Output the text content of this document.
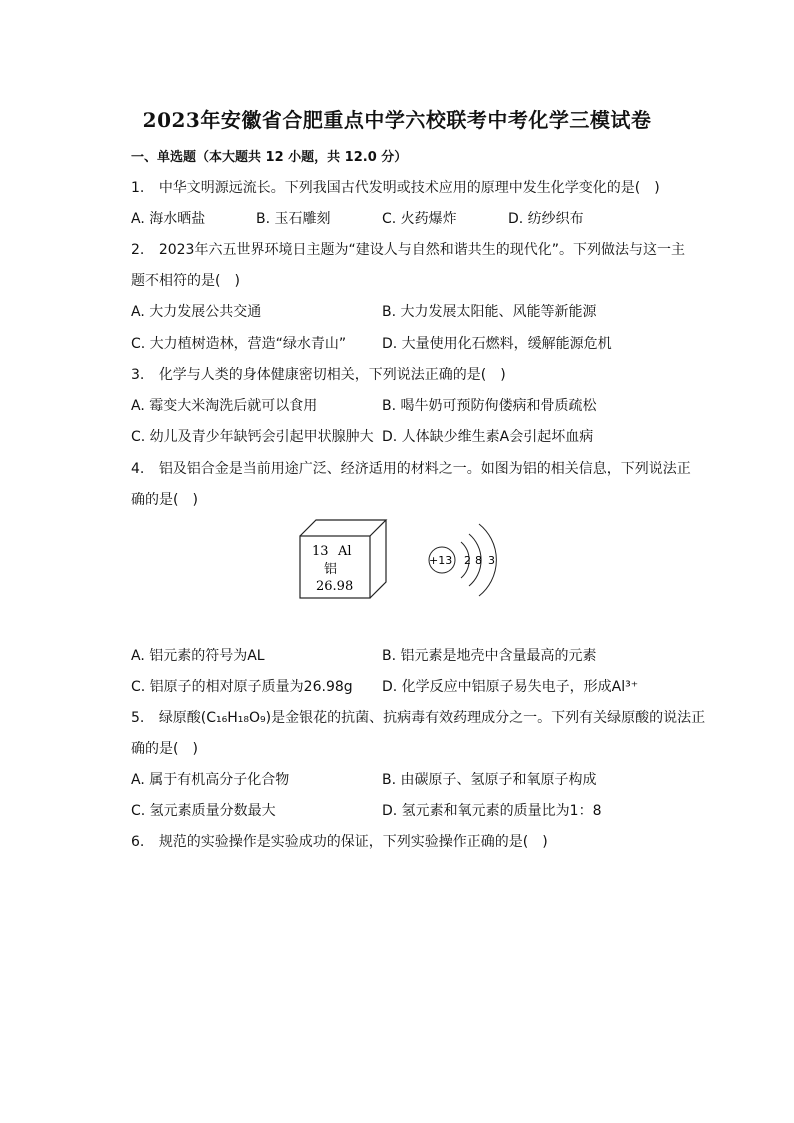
2023年安徽省合肥重点中学六校联考中考化学三模试卷
一、单选题（本大题共 12 小题，共 12.0 分）
1. 中华文明源远流长。下列我国古代发明或技术应用的原理中发生化学变化的是(　)
A. 海水晒盐	B. 玉石雕刻	C. 火药爆炸	D. 纺纱织布
2. 2023年六五世界环境日主题为“建设人与自然和谐共生的现代化”。下列做法与这一主
题不相符的是(　)
A. 大力发展公共交通	B. 大力发展太阳能、风能等新能源
C. 大力植树造林，营造“绿水青山”	D. 大量使用化石燃料，缓解能源危机
3. 化学与人类的身体健康密切相关，下列说法正确的是(　)
A. 霉变大米淘洗后就可以食用	B. 喝牛奶可预防佝偻病和骨质疏松
C. 幼儿及青少年缺钙会引起甲状腺肿大 D. 人体缺少维生素A会引起坏血病
4. 铝及铝合金是当前用途广泛、经济适用的材料之一。如图为铝的相关信息，下列说法正
确的是(　)
13 Al
铝
26.98
+13 2 8 3
A. 铝元素的符号为AL	B. 铝元素是地壳中含量最高的元素
C. 铝原子的相对原子质量为26.98g D. 化学反应中铝原子易失电子，形成Al³⁺
5. 绿原酸(C₁₆H₁₈O₉)是金银花的抗菌、抗病毒有效药理成分之一。下列有关绿原酸的说法正
确的是(　)
A. 属于有机高分子化合物	B. 由碳原子、氢原子和氧原子构成
C. 氢元素质量分数最大	D. 氢元素和氧元素的质量比为1：8
6. 规范的实验操作是实验成功的保证，下列实验操作正确的是(　)
